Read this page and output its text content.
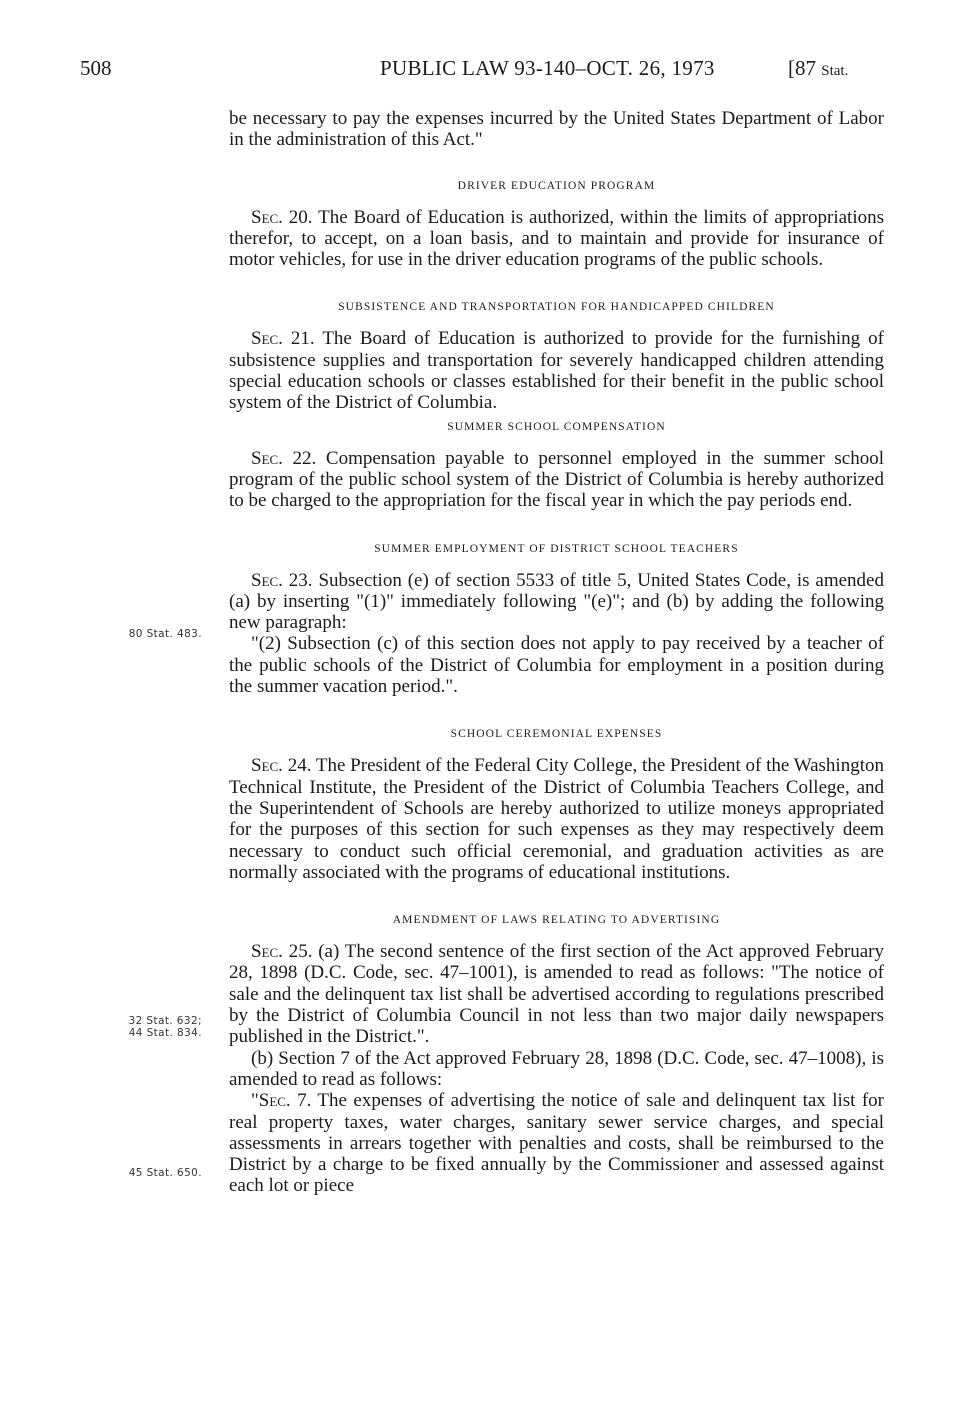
508	PUBLIC LAW 93-140–OCT. 26, 1973	[87 Stat.
80 Stat. 483.
32 Stat. 632;
44 Stat. 834.
45 Stat. 650.

be necessary to pay the expenses incurred by the United States Department of Labor in the administration of this Act."

DRIVER EDUCATION PROGRAM

Sec. 20. The Board of Education is authorized, within the limits of appropriations therefor, to accept, on a loan basis, and to maintain and provide for insurance of motor vehicles, for use in the driver education programs of the public schools.

SUBSISTENCE AND TRANSPORTATION FOR HANDICAPPED CHILDREN

Sec. 21. The Board of Education is authorized to provide for the furnishing of subsistence supplies and transportation for severely handicapped children attending special education schools or classes established for their benefit in the public school system of the District of Columbia.

SUMMER SCHOOL COMPENSATION

Sec. 22. Compensation payable to personnel employed in the summer school program of the public school system of the District of Columbia is hereby authorized to be charged to the appropriation for the fiscal year in which the pay periods end.

SUMMER EMPLOYMENT OF DISTRICT SCHOOL TEACHERS

Sec. 23. Subsection (e) of section 5533 of title 5, United States Code, is amended (a) by inserting "(1)" immediately following "(e)"; and (b) by adding the following new paragraph:

"(2) Subsection (c) of this section does not apply to pay received by a teacher of the public schools of the District of Columbia for employment in a position during the summer vacation period.".

SCHOOL CEREMONIAL EXPENSES

Sec. 24. The President of the Federal City College, the President of the Washington Technical Institute, the President of the District of Columbia Teachers College, and the Superintendent of Schools are hereby authorized to utilize moneys appropriated for the purposes of this section for such expenses as they may respectively deem necessary to conduct such official ceremonial, and graduation activities as are normally associated with the programs of educational institutions.

AMENDMENT OF LAWS RELATING TO ADVERTISING

Sec. 25. (a) The second sentence of the first section of the Act approved February 28, 1898 (D.C. Code, sec. 47–1001), is amended to read as follows: "The notice of sale and the delinquent tax list shall be advertised according to regulations prescribed by the District of Columbia Council in not less than two major daily newspapers published in the District.".

(b) Section 7 of the Act approved February 28, 1898 (D.C. Code, sec. 47–1008), is amended to read as follows:

"Sec. 7. The expenses of advertising the notice of sale and delinquent tax list for real property taxes, water charges, sanitary sewer service charges, and special assessments in arrears together with penalties and costs, shall be reimbursed to the District by a charge to be fixed annually by the Commissioner and assessed against each lot or piece
